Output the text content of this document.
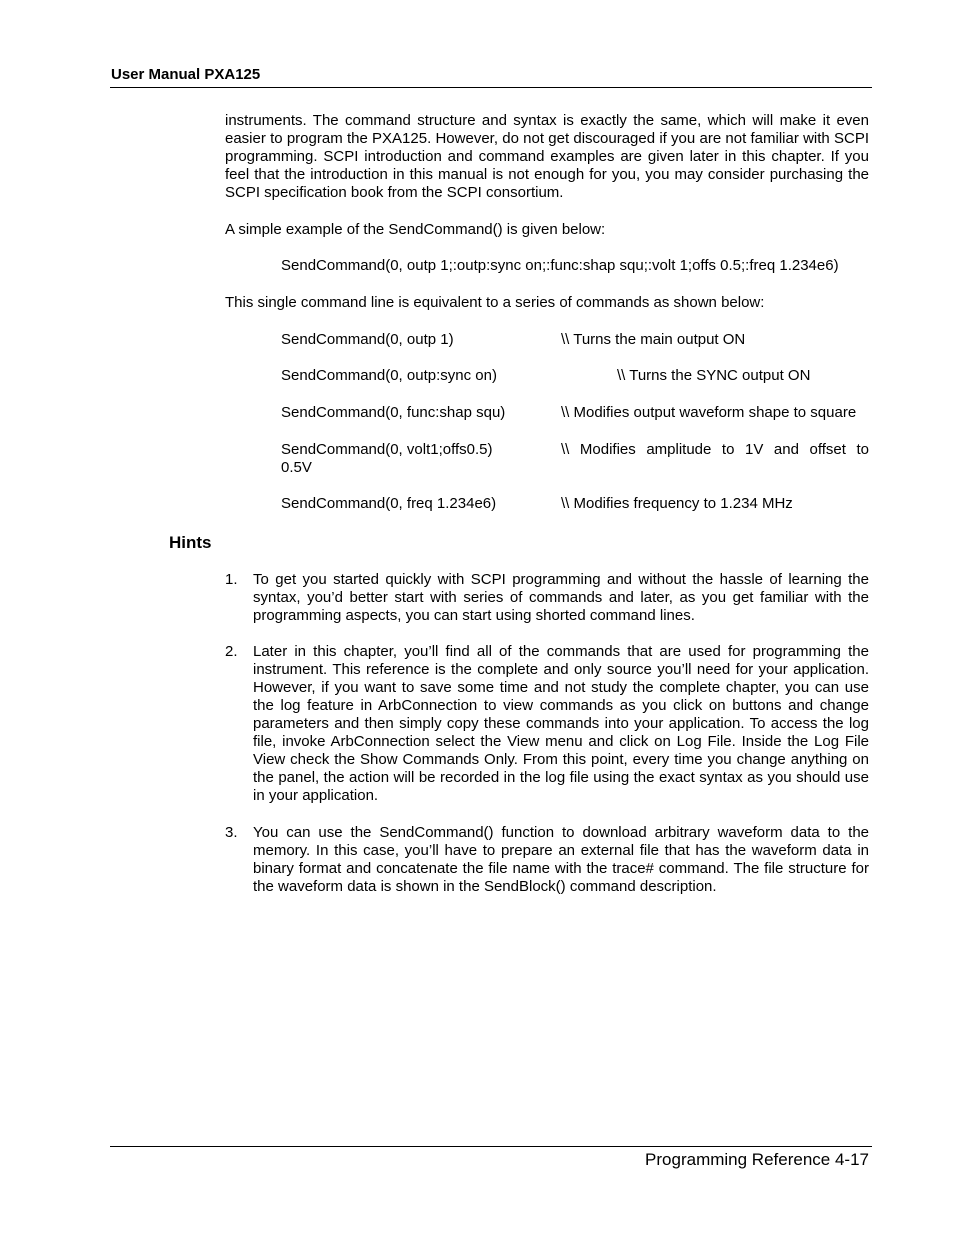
User Manual PXA125

instruments. The command structure and syntax is exactly the same, which will make it even easier to program the PXA125. However, do not get discouraged if you are not familiar with SCPI programming. SCPI introduction and command examples are given later in this chapter. If you feel that the introduction in this manual is not enough for you, you may consider purchasing the SCPI specification book from the SCPI consortium.

A simple example of the SendCommand() is given below:

SendCommand(0, outp 1;:outp:sync on;:func:shap squ;:volt 1;offs 0.5;:freq 1.234e6)

This single command line is equivalent to a series of commands as shown below:

SendCommand(0, outp 1)	\\ Turns the main output ON
SendCommand(0, outp:sync on)	\\ Turns the SYNC output ON
SendCommand(0, func:shap squ)	\\ Modifies output waveform shape to square
SendCommand(0, volt1;offs0.5)	\\ Modifies amplitude to 1V and offset to
0.5V
SendCommand(0, freq 1.234e6)	\\ Modifies frequency to 1.234 MHz
Hints
1. To get you started quickly with SCPI programming and without the hassle of learning the syntax, you’d better start with series of commands and later, as you get familiar with the programming aspects, you can start using shorted command lines.

2. Later in this chapter, you’ll find all of the commands that are used for programming the instrument. This reference is the complete and only source you’ll need for your application. However, if you want to save some time and not study the complete chapter, you can use the log feature in ArbConnection to view commands as you click on buttons and change parameters and then simply copy these commands into your application. To access the log file, invoke ArbConnection select the View menu and click on Log File. Inside the Log File View check the Show Commands Only. From this point, every time you change anything on the panel, the action will be recorded in the log file using the exact syntax as you should use in your application.

3. You can use the SendCommand() function to download arbitrary waveform data to the memory. In this case, you’ll have to prepare an external file that has the waveform data in binary format and concatenate the file name with the trace# command. The file structure for the waveform data is shown in the SendBlock() command description.

Programming Reference 4-17
